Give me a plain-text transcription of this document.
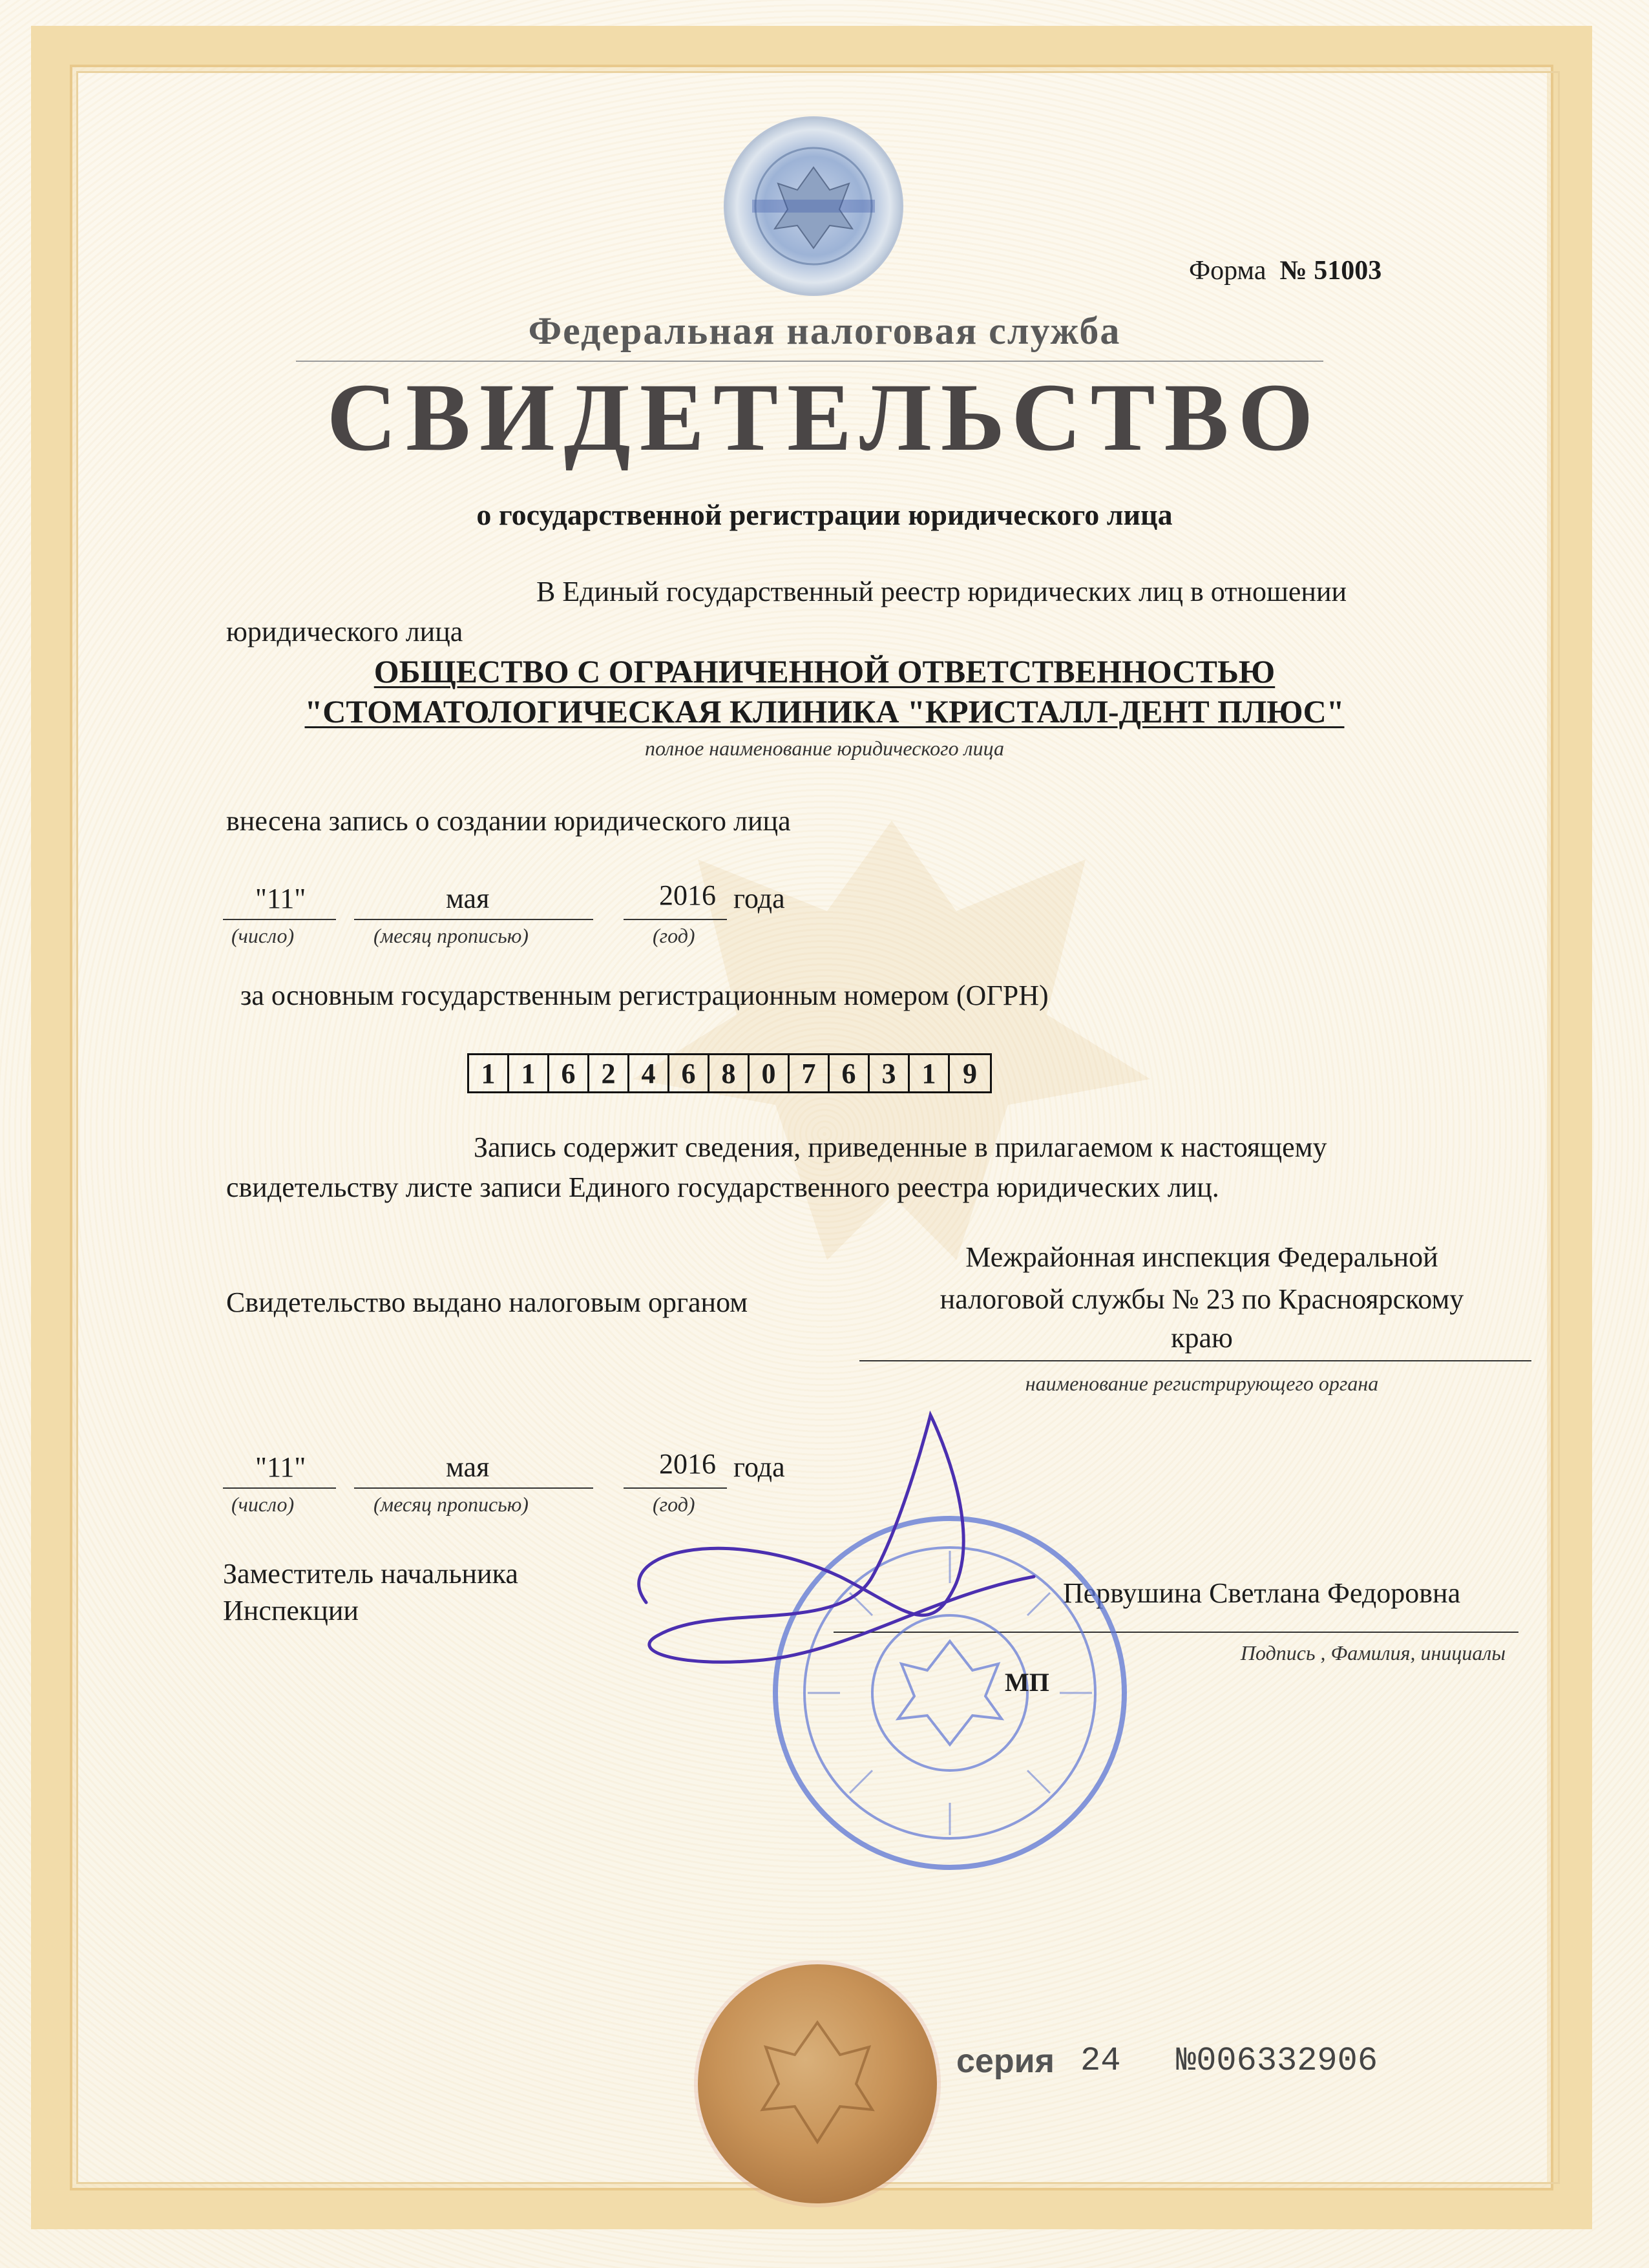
Форма № 51003
Федеральная налоговая служба
СВИДЕТЕЛЬСТВО
о государственной регистрации юридического лица
В Единый государственный реестр юридических лиц в отношении
юридического лица
ОБЩЕСТВО С ОГРАНИЧЕННОЙ ОТВЕТСТВЕННОСТЬЮ
"СТОМАТОЛОГИЧЕСКАЯ КЛИНИКА "КРИСТАЛЛ-ДЕНТ ПЛЮС"
полное наименование юридического лица
внесена запись о создании юридического лица
"11"
(число)
мая
(месяц прописью)
2016
(год)
года
за основным государственным регистрационным номером (ОГРН)
1 1 6 2 4 6 8 0 7 6 3 1 9
Запись содержит сведения, приведенные в прилагаемом к настоящему
свидетельству листе записи Единого государственного реестра юридических лиц.
Свидетельство выдано налоговым органом
Межрайонная инспекция Федеральной
налоговой службы № 23 по Красноярскому
краю
наименование регистрирующего органа
"11"
(число)
мая
(месяц прописью)
2016
(год)
года
Заместитель начальника
Инспекции
Первушина Светлана Федоровна
Подпись , Фамилия, инициалы
МП
серия 24 №006332906
